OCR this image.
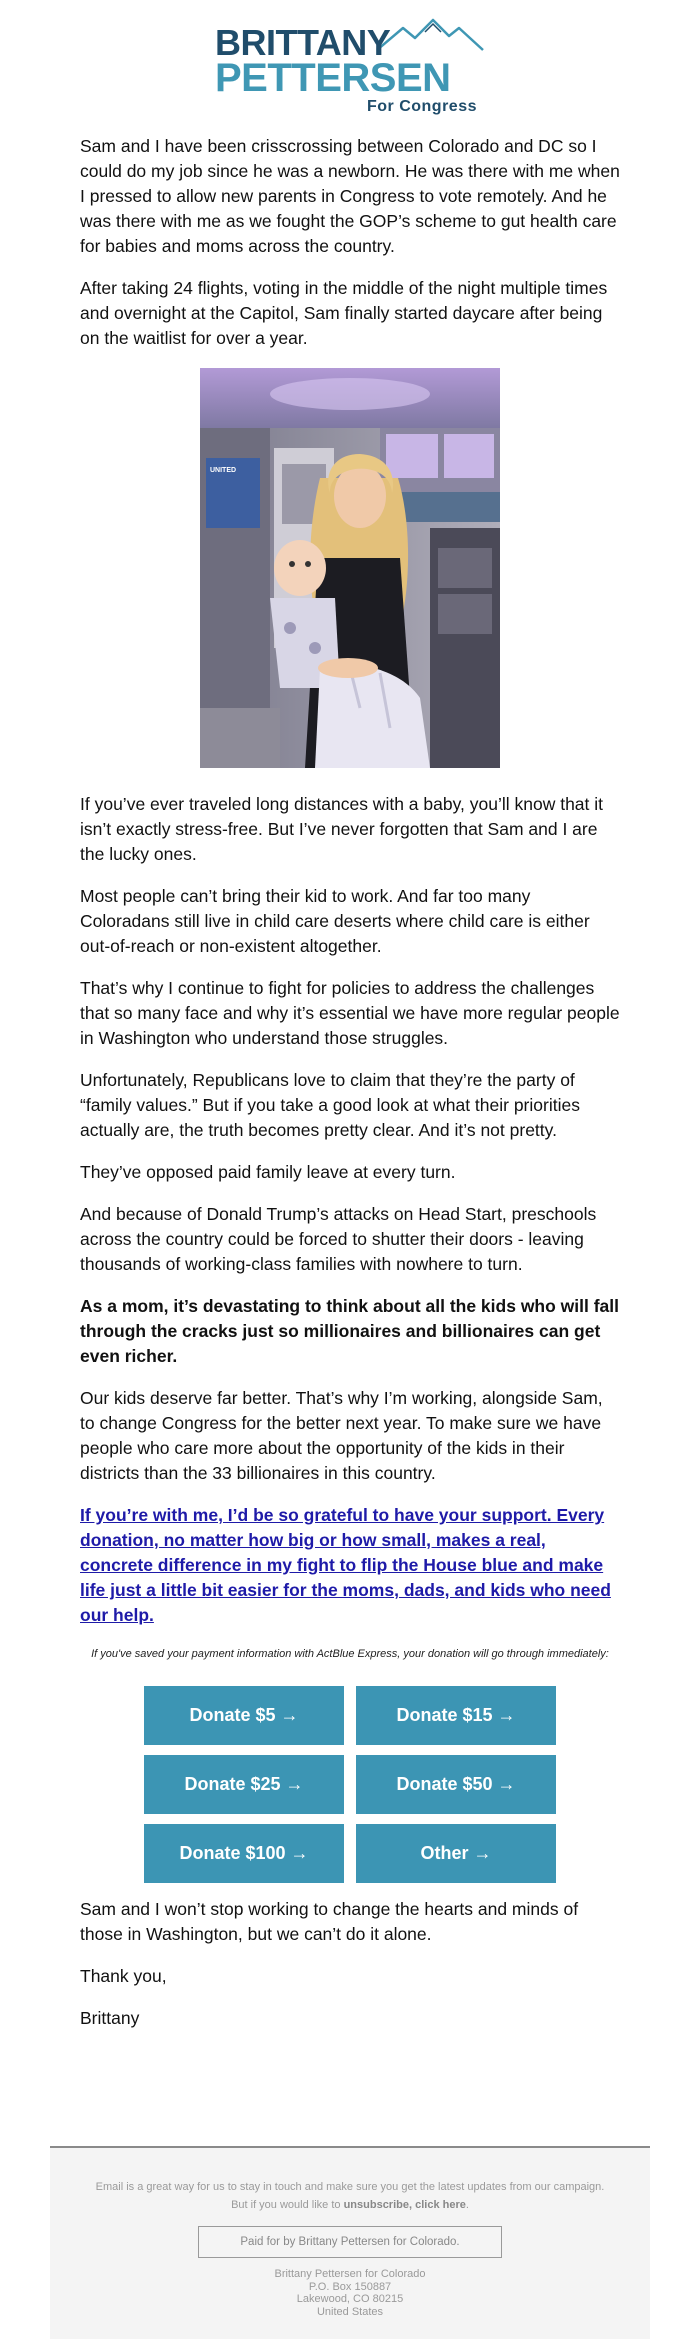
BRITTANY
PETTERSEN
For Congress

Sam and I have been crisscrossing between Colorado and DC so I could do my job since he was a newborn. He was there with me when I pressed to allow new parents in Congress to vote remotely. And he was there with me as we fought the GOP’s scheme to gut health care for babies and moms across the country.

After taking 24 flights, voting in the middle of the night multiple times and overnight at the Capitol, Sam finally started daycare after being on the waitlist for over a year.

UNITED

If you’ve ever traveled long distances with a baby, you’ll know that it isn’t exactly stress-free. But I’ve never forgotten that Sam and I are the lucky ones.

Most people can’t bring their kid to work. And far too many Coloradans still live in child care deserts where child care is either out-of-reach or non-existent altogether.

That’s why I continue to fight for policies to address the challenges that so many face and why it’s essential we have more regular people in Washington who understand those struggles.

Unfortunately, Republicans love to claim that they’re the party of “family values.” But if you take a good look at what their priorities actually are, the truth becomes pretty clear. And it’s not pretty.

They’ve opposed paid family leave at every turn.

And because of Donald Trump’s attacks on Head Start, preschools across the country could be forced to shutter their doors - leaving thousands of working-class families with nowhere to turn.

As a mom, it’s devastating to think about all the kids who will fall through the cracks just so millionaires and billionaires can get even richer.

Our kids deserve far better. That’s why I’m working, alongside Sam, to change Congress for the better next year. To make sure we have people who care more about the opportunity of the kids in their districts than the 33 billionaires in this country.

If you’re with me, I’d be so grateful to have your support. Every donation, no matter how big or how small, makes a real, concrete difference in my fight to flip the House blue and make life just a little bit easier for the moms, dads, and kids who need our help.

If you've saved your payment information with ActBlue Express, your donation will go through immediately:
Donate $5 →	Donate $15 →
Donate $25 →	Donate $50 →
Donate $100 →	Other →

Sam and I won’t stop working to change the hearts and minds of those in Washington, but we can’t do it alone.

Thank you,

Brittany

Email is a great way for us to stay in touch and make sure you get the latest updates from our campaign.
But if you would like to unsubscribe, click here.
Paid for by Brittany Pettersen for Colorado.
Brittany Pettersen for Colorado
P.O. Box 150887
Lakewood, CO 80215
United States
